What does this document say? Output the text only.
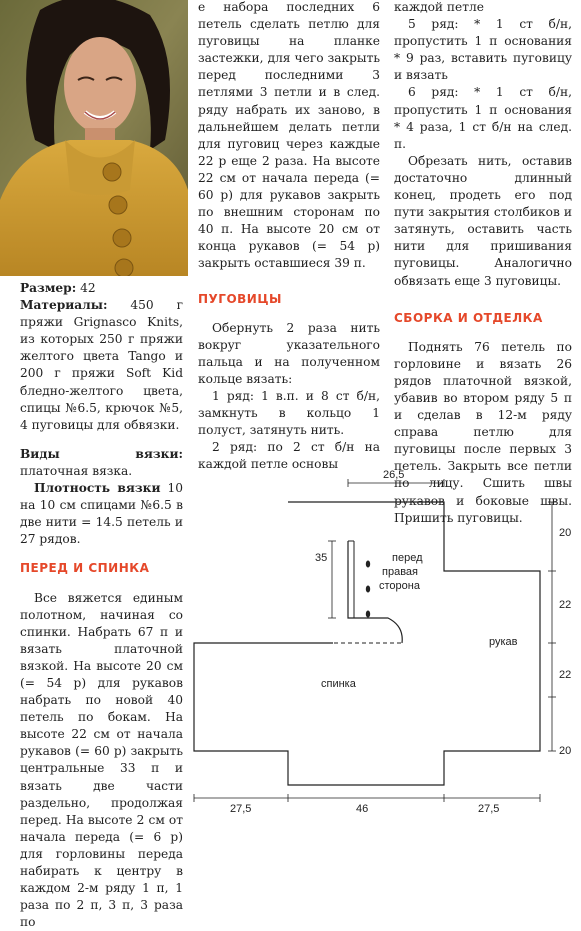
Размер: 42

Материалы: 450 г пряжи Grignasco Knits, из которых 250 г пряжи желтого цвета Tango и 200 г пряжи Soft Kid бледно-желтого цвета, спицы №6.5, крючок №5, 4 пуговицы для обвязки.

Виды вязки: платочная вязка.

Плотность вязки 10 на 10 см спицами №6.5 в две нити = 14.5 петель и 27 рядов.

ПЕРЕД И СПИНКА

Все вяжется единым полотном, начиная со спинки. Набрать 67 п и вязать платочной вязкой. На высоте 20 см (= 54 р) для рукавов набрать по новой 40 петель по бокам. На высоте 22 см от начала рукавов (= 60 р) закрыть центральные 33 п и вязать две части раздельно, продолжая перед. На высоте 2 см от начала переда (= 6 р) для горловины переда набирать к центру в каждом 2-м ряду 1 п, 1 раза по 2 п, 3 п, 3 раза по

е набора последних 6 петель сделать петлю для пуговицы на планке застежки, для чего закрыть перед последними 3 петлями 3 петли и в след. ряду набрать их заново, в дальнейшем делать петли для пуговиц через каждые 22 р еще 2 раза. На высоте 22 см от начала переда (= 60 р) для рукавов закрыть по внешним сторонам по 40 п. На высоте 20 см от конца рукавов (= 54 р) закрыть оставшиеся 39 п.

ПУГОВИЦЫ

Обернуть 2 раза нить вокруг указательного пальца и на полученном кольце вязать:

1 ряд: 1 в.п. и 8 ст б/н, замкнуть в кольцо 1 полуст, затянуть нить.

2 ряд: по 2 ст б/н на каждой петле основы

каждой петле

5 ряд: * 1 ст б/н, пропустить 1 п основания * 9 раз, вставить пуговицу и вязать

6 ряд: * 1 ст б/н, пропустить 1 п основания * 4 раза, 1 ст б/н на след. п.

Обрезать нить, оставив достаточно длинный конец, продеть его под пути закрытия столбиков и затянуть, оставить часть нити для пришивания пуговицы. Аналогично обвязать еще 3 пуговицы.

СБОРКА И ОТДЕЛКА

Поднять 76 петель по горловине и вязать 26 рядов платочной вязкой, убавив во втором ряду 5 п и сделав в 12-м ряду справа петлю для пуговицы после первых 3 петель. Закрыть все петли по лицу. Сшить швы рукавов и боковые швы. Пришить пуговицы.

26,5
35	перед
правая
сторона
рукав
спинка
20
22
22
20
27,5	46	27,5
